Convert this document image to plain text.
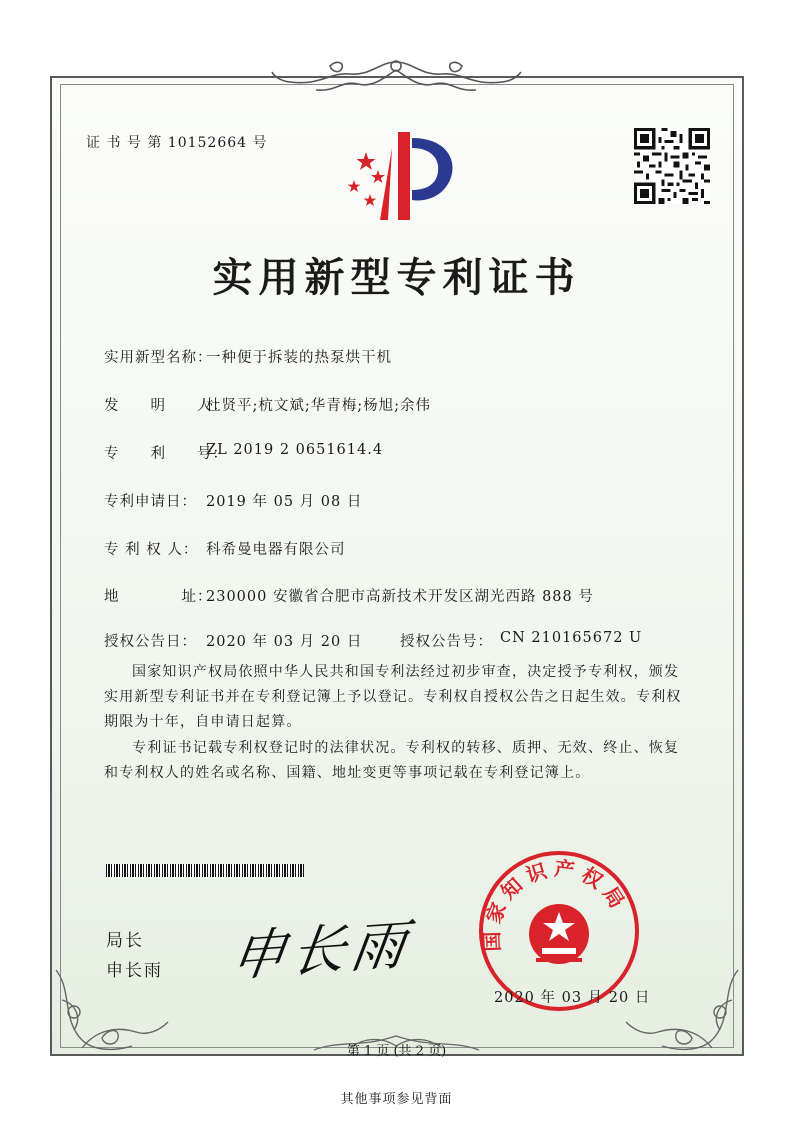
证 书 号 第 10152664 号
实用新型专利证书
实用新型名称：
一种便于拆装的热泵烘干机
发　　明　　人：
杜贤平;杭文斌;华青梅;杨旭;余伟
专　　利　　号：
ZL 2019 2 0651614.4
专利申请日： 2019 年 05 月 08 日
专 利 权 人： 科希曼电器有限公司
地　　　　址：
230000 安徽省合肥市高新技术开发区湖光西路 888 号
授权公告日： 2020 年 03 月 20 日	授权公告号： CN 210165672 U
国家知识产权局依照中华人民共和国专利法经过初步审查，决定授予专利权，颁发实用新型专利证书并在专利登记簿上予以登记。专利权自授权公告之日起生效。专利权期限为十年，自申请日起算。
专利证书记载专利权登记时的法律状况。专利权的转移、质押、无效、终止、恢复和专利权人的姓名或名称、国籍、地址变更等事项记载在专利登记簿上。
局长
申长雨 申长雨	国家知识产权局
2020 年 03 月 20 日
第 1 页 (共 2 页)
其他事项参见背面
